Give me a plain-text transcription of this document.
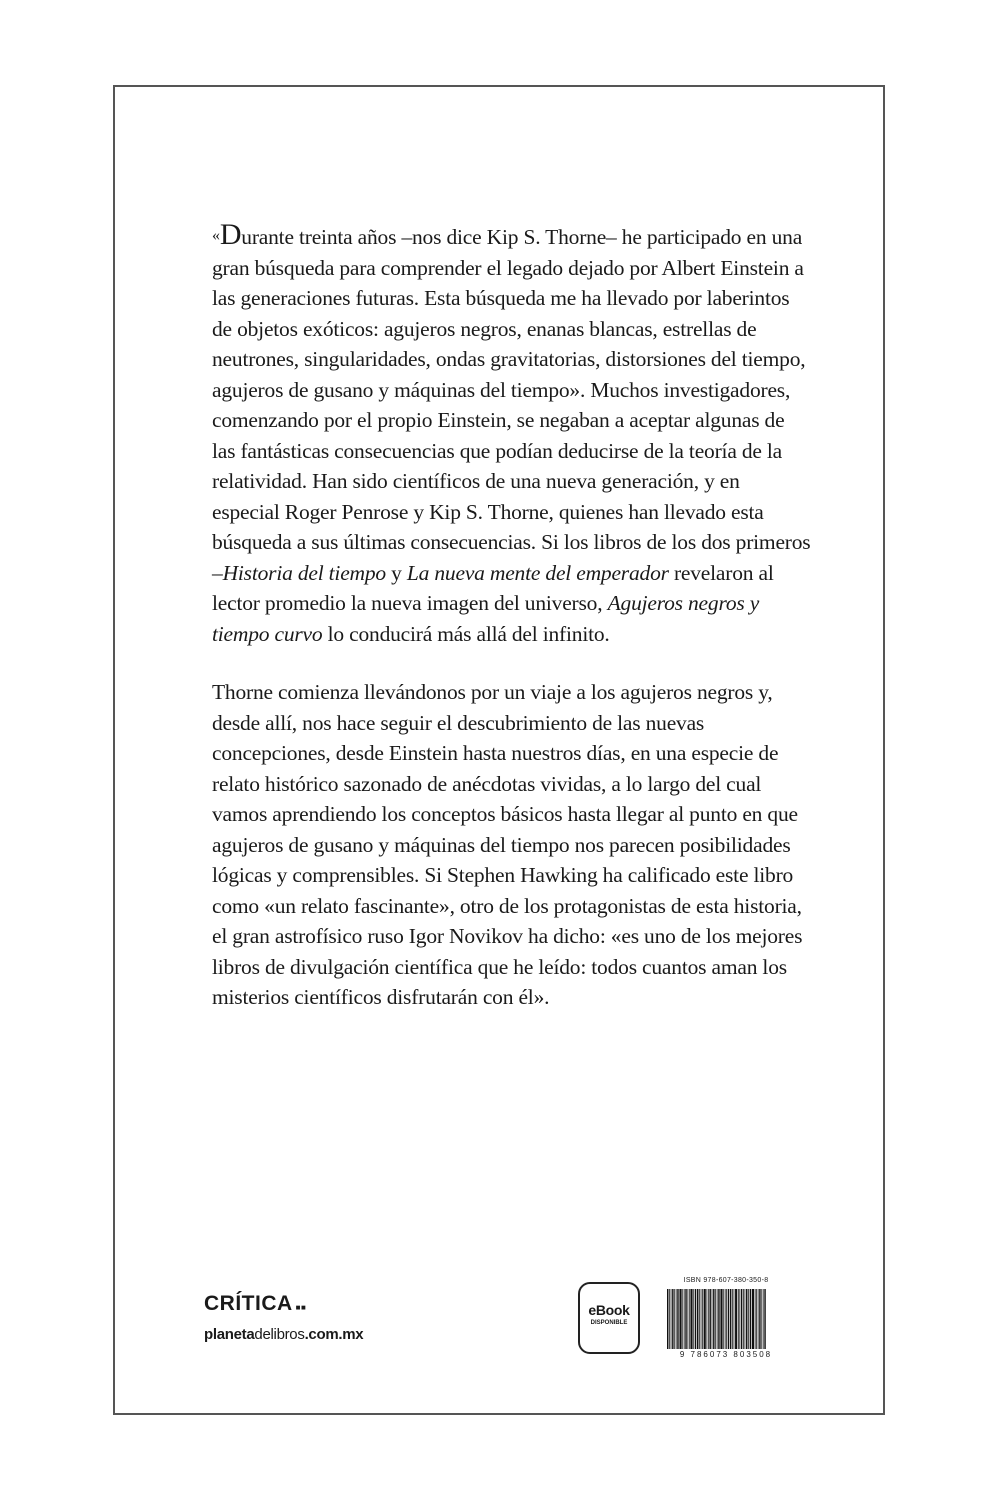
«Durante treinta años –nos dice Kip S. Thorne– he participado en una gran búsqueda para comprender el legado dejado por Albert Einstein a las generaciones futuras. Esta búsqueda me ha llevado por laberintos de objetos exóticos: agujeros negros, enanas blancas, estrellas de neutrones, singularidades, ondas gravitatorias, distorsiones del tiempo, agujeros de gusano y máquinas del tiempo». Muchos investigadores, comenzando por el propio Einstein, se negaban a aceptar algunas de las fantásticas consecuencias que podían deducirse de la teoría de la relatividad. Han sido científicos de una nueva generación, y en especial Roger Penrose y Kip S. Thorne, quienes han llevado esta búsqueda a sus últimas consecuencias. Si los libros de los dos primeros –Historia del tiempo y La nueva mente del emperador revelaron al lector promedio la nueva imagen del universo, Agujeros negros y tiempo curvo lo conducirá más allá del infinito.

Thorne comienza llevándonos por un viaje a los agujeros negros y, desde allí, nos hace seguir el descubrimiento de las nuevas concepciones, desde Einstein hasta nuestros días, en una especie de relato histórico sazonado de anécdotas vividas, a lo largo del cual vamos aprendiendo los conceptos básicos hasta llegar al punto en que agujeros de gusano y máquinas del tiempo nos parecen posibilidades lógicas y comprensibles. Si Stephen Hawking ha calificado este libro como «un relato fascinante», otro de los protagonistas de esta historia, el gran astrofísico ruso Igor Novikov ha dicho: «es uno de los mejores libros de divulgación científica que he leído: todos cuantos aman los misterios científicos disfrutarán con él».

CRÍTICA ■■
planetadelibros.com.mx
eBook
DISPONIBLE
ISBN 978-607-380-350-8
9 786073 803508
